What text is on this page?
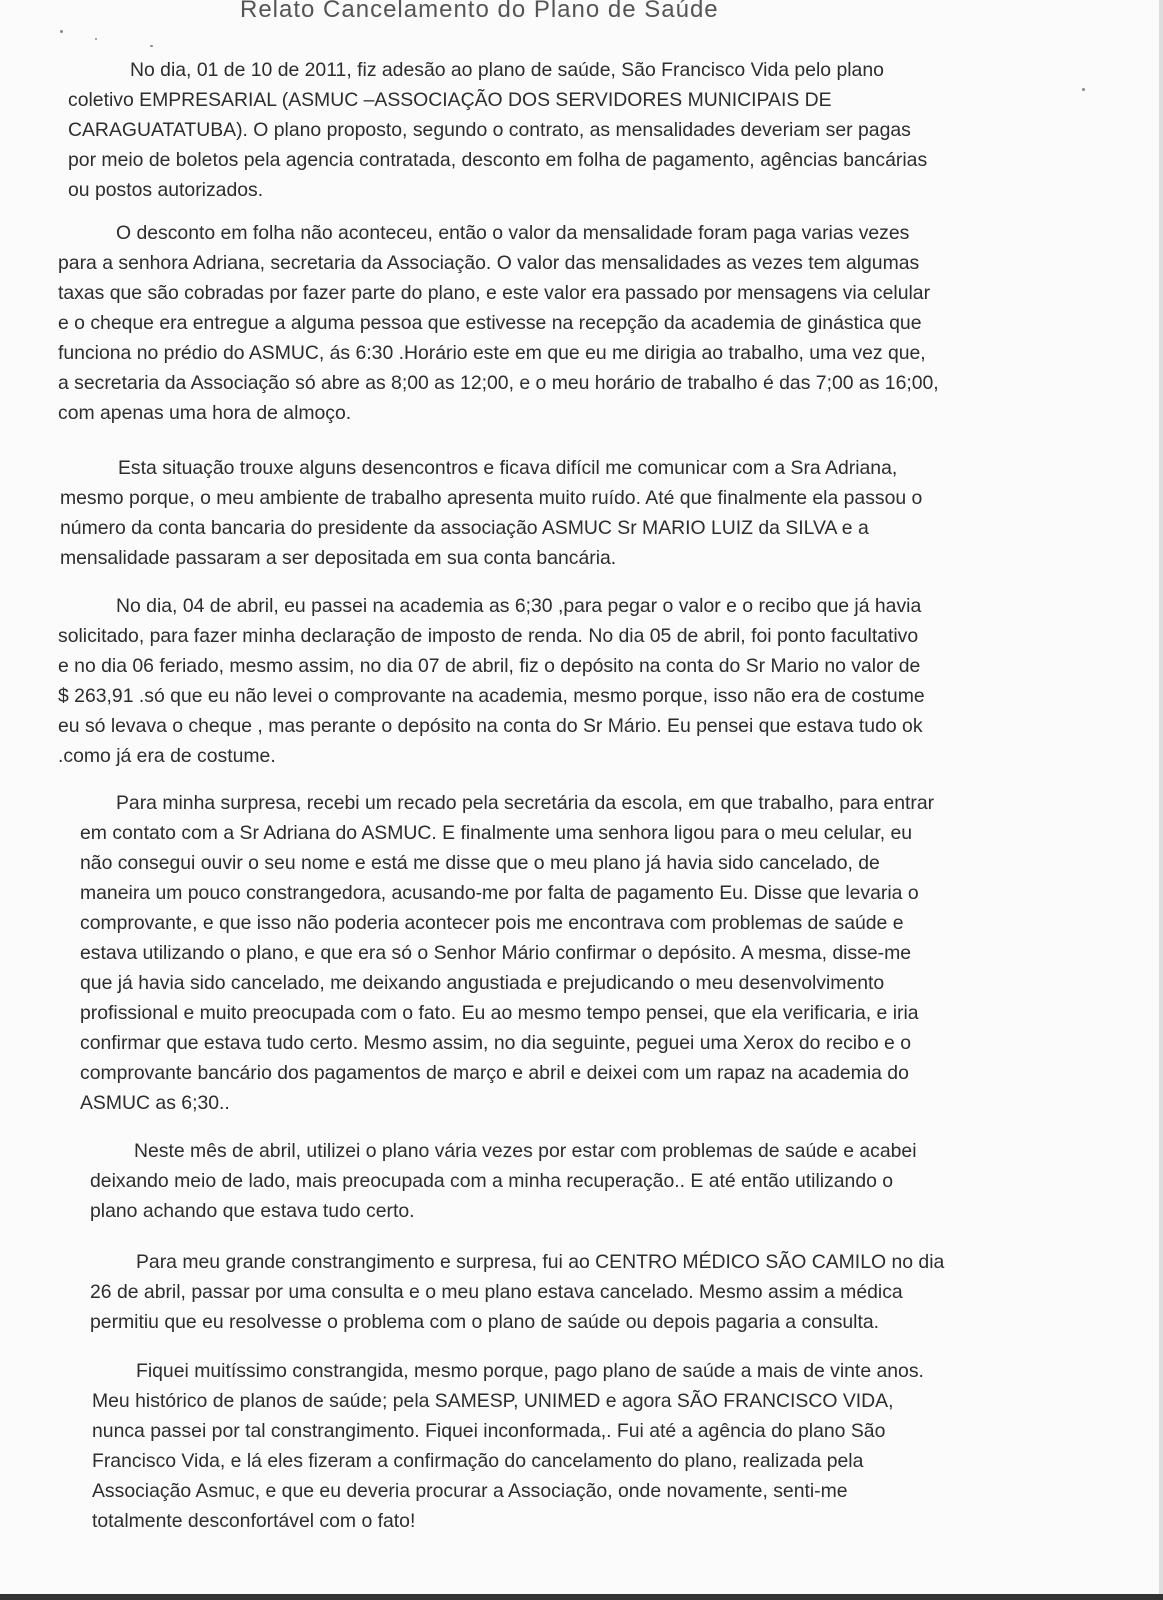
Relato Cancelamento do Plano de Saúde
No dia, 01 de 10 de 2011, fiz adesão ao plano de saúde, São Francisco Vida pelo plano
coletivo EMPRESARIAL (ASMUC –ASSOCIAÇÃO DOS SERVIDORES MUNICIPAIS DE
CARAGUATATUBA). O plano proposto, segundo o contrato, as mensalidades deveriam ser pagas
por meio de boletos pela agencia contratada, desconto em folha de pagamento, agências bancárias
ou postos autorizados.
O desconto em folha não aconteceu, então o valor da mensalidade foram paga varias vezes
para a senhora Adriana, secretaria da Associação. O valor das mensalidades as vezes tem algumas
taxas que são cobradas por fazer parte do plano, e este valor era passado por mensagens via celular
e o cheque era entregue a alguma pessoa que estivesse na recepção da academia de ginástica que
funciona no prédio do ASMUC, ás 6:30 .Horário este em que eu me dirigia ao trabalho, uma vez que,
a secretaria da Associação só abre as 8;00 as 12;00, e o meu horário de trabalho é das 7;00 as 16;00,
com apenas uma hora de almoço.
Esta situação trouxe alguns desencontros e ficava difícil me comunicar com a Sra Adriana,
mesmo porque, o meu ambiente de trabalho apresenta muito ruído. Até que finalmente ela passou o
número da conta bancaria do presidente da associação ASMUC Sr MARIO LUIZ da SILVA e a
mensalidade passaram a ser depositada em sua conta bancária.
No dia, 04 de abril, eu passei na academia as 6;30 ,para pegar o valor e o recibo que já havia
solicitado, para fazer minha declaração de imposto de renda. No dia 05 de abril, foi ponto facultativo
e no dia 06 feriado, mesmo assim, no dia 07 de abril, fiz o depósito na conta do Sr Mario no valor de
$ 263,91 .só que eu não levei o comprovante na academia, mesmo porque, isso não era de costume
eu só levava o cheque , mas perante o depósito na conta do Sr Mário. Eu pensei que estava tudo ok
.como já era de costume.
Para minha surpresa, recebi um recado pela secretária da escola, em que trabalho, para entrar
em contato com a Sr Adriana do ASMUC. E finalmente uma senhora ligou para o meu celular, eu
não consegui ouvir o seu nome e está me disse que o meu plano já havia sido cancelado, de
maneira um pouco constrangedora, acusando-me por falta de pagamento Eu. Disse que levaria o
comprovante, e que isso não poderia acontecer pois me encontrava com problemas de saúde e
estava utilizando o plano, e que era só o Senhor Mário confirmar o depósito. A mesma, disse-me
que já havia sido cancelado, me deixando angustiada e prejudicando o meu desenvolvimento
profissional e muito preocupada com o fato. Eu ao mesmo tempo pensei, que ela verificaria, e iria
confirmar que estava tudo certo. Mesmo assim, no dia seguinte, peguei uma Xerox do recibo e o
comprovante bancário dos pagamentos de março e abril e deixei com um rapaz na academia do
ASMUC as 6;30..
Neste mês de abril, utilizei o plano vária vezes por estar com problemas de saúde e acabei
deixando meio de lado, mais preocupada com a minha recuperação.. E até então utilizando o
plano achando que estava tudo certo.
Para meu grande constrangimento e surpresa, fui ao CENTRO MÉDICO SÃO CAMILO no dia
26 de abril, passar por uma consulta e o meu plano estava cancelado. Mesmo assim a médica
permitiu que eu resolvesse o problema com o plano de saúde ou depois pagaria a consulta.
Fiquei muitíssimo constrangida, mesmo porque, pago plano de saúde a mais de vinte anos.
Meu histórico de planos de saúde; pela SAMESP, UNIMED e agora SÃO FRANCISCO VIDA,
nunca passei por tal constrangimento. Fiquei inconformada,. Fui até a agência do plano São
Francisco Vida, e lá eles fizeram a confirmação do cancelamento do plano, realizada pela
Associação Asmuc, e que eu deveria procurar a Associação, onde novamente, senti-me
totalmente desconfortável com o fato!
